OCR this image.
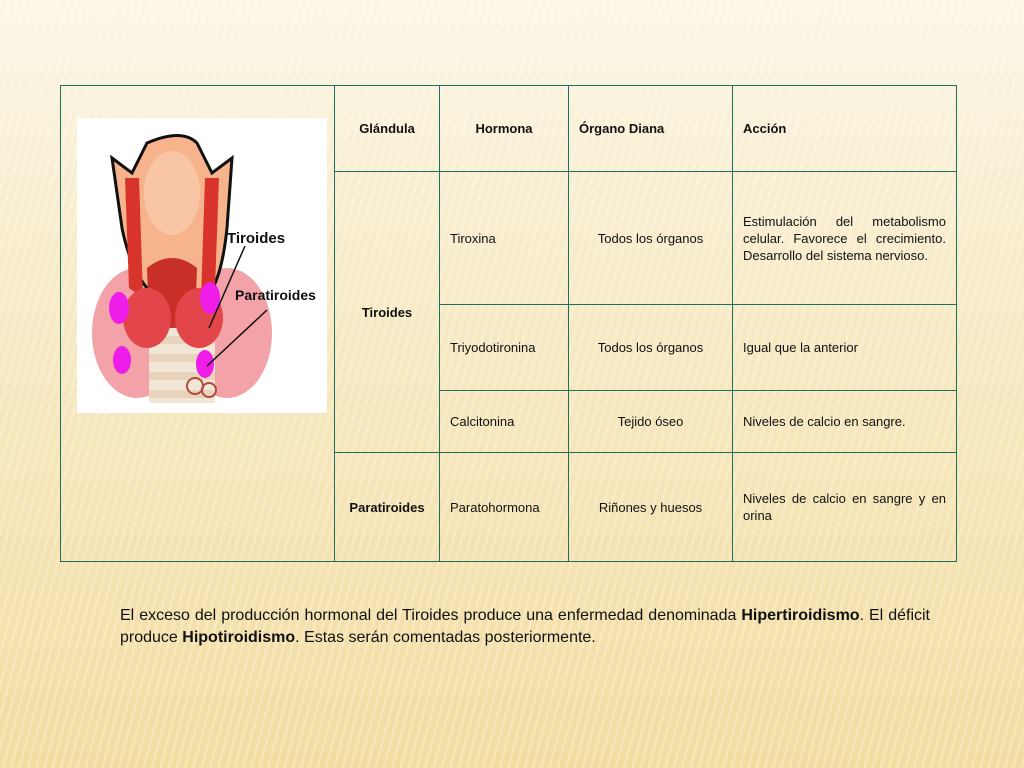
Tiroides
Paratiroides	Glándula	Hormona	Órgano Diana	Acción
	Tiroides	Tiroxina	Todos los órganos	Estimulación del metabolismo celular. Favorece el crecimiento. Desarrollo del sistema nervioso.
		Triyodotironina	Todos los órganos	Igual que la anterior
		Calcitonina	Tejido óseo	Niveles de calcio en sangre.
	Paratiroides	Paratohormona	Riñones y huesos	Niveles de calcio en sangre y en orina
El exceso del producción hormonal del Tiroides produce una enfermedad denominada Hipertiroidismo. El déficit produce Hipotiroidismo. Estas serán comentadas posteriormente.
